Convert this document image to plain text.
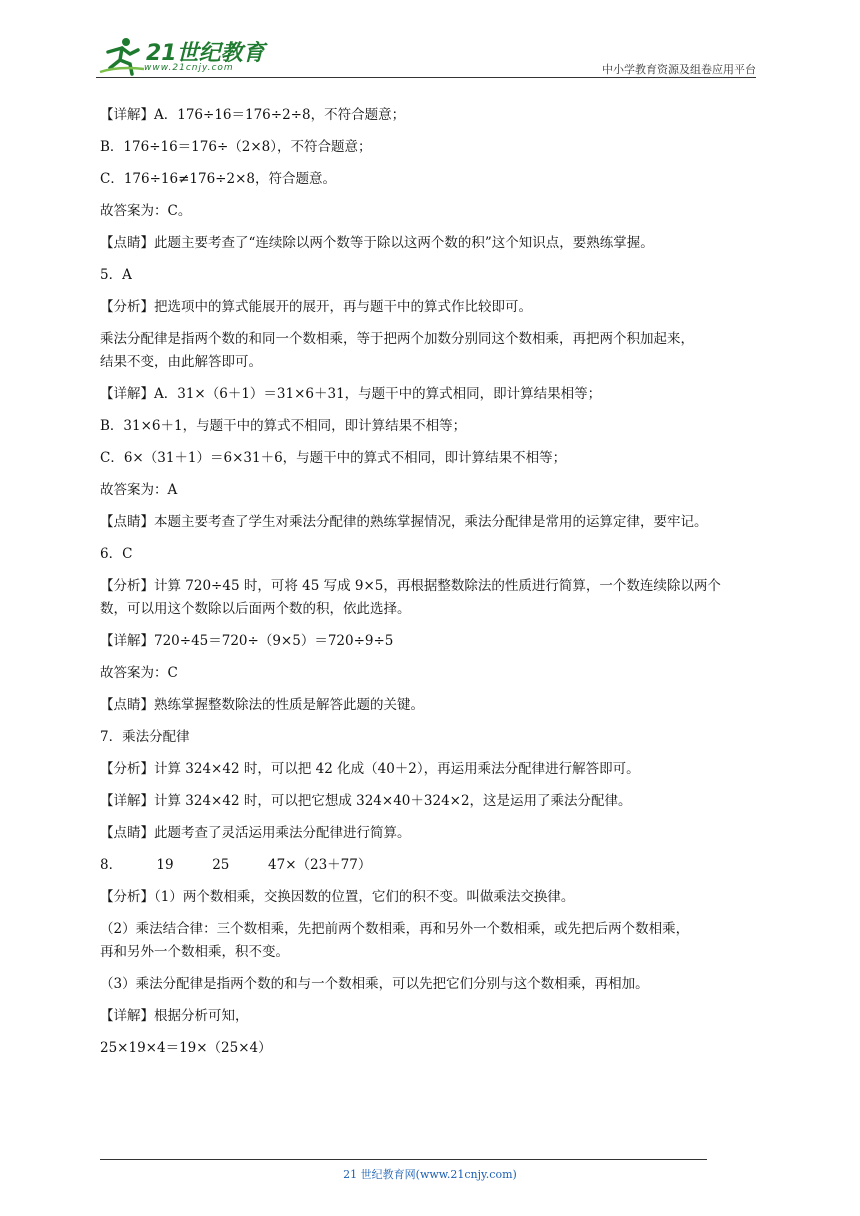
21世纪教育
www.21cnjy.com	中小学教育资源及组卷应用平台

【详解】A．176÷16＝176÷2÷8，不符合题意；

B．176÷16＝176÷（2×8），不符合题意；

C．176÷16≠176÷2×8，符合题意。

故答案为：C。

【点睛】此题主要考查了“连续除以两个数等于除以这两个数的积”这个知识点，要熟练掌握。

5．A

【分析】把选项中的算式能展开的展开，再与题干中的算式作比较即可。

乘法分配律是指两个数的和同一个数相乘，等于把两个加数分别同这个数相乘，再把两个积加起来，

结果不变，由此解答即可。

【详解】A．31×（6＋1）＝31×6＋31，与题干中的算式相同，即计算结果相等；

B．31×6＋1，与题干中的算式不相同，即计算结果不相等；

C．6×（31＋1）＝6×31＋6，与题干中的算式不相同，即计算结果不相等；

故答案为：A

【点睛】本题主要考查了学生对乘法分配律的熟练掌握情况，乘法分配律是常用的运算定律，要牢记。

6．C

【分析】计算 720÷45 时，可将 45 写成 9×5，再根据整数除法的性质进行简算，一个数连续除以两个

数，可以用这个数除以后面两个数的积，依此选择。

【详解】720÷45＝720÷（9×5）＝720÷9÷5

故答案为：C

【点睛】熟练掌握整数除法的性质是解答此题的关键。

7．乘法分配律

【分析】计算 324×42 时，可以把 42 化成（40＋2），再运用乘法分配律进行解答即可。

【详解】计算 324×42 时，可以把它想成 324×40＋324×2，这是运用了乘法分配律。

【点睛】此题考查了灵活运用乘法分配律进行简算。

8．        19         25         47×（23＋77）

【分析】（1）两个数相乘，交换因数的位置，它们的积不变。叫做乘法交换律。

（2）乘法结合律：三个数相乘，先把前两个数相乘，再和另外一个数相乘，或先把后两个数相乘，

再和另外一个数相乘，积不变。

（3）乘法分配律是指两个数的和与一个数相乘，可以先把它们分别与这个数相乘，再相加。

【详解】根据分析可知，

25×19×4＝19×（25×4）

21 世纪教育网(www.21cnjy.com)
